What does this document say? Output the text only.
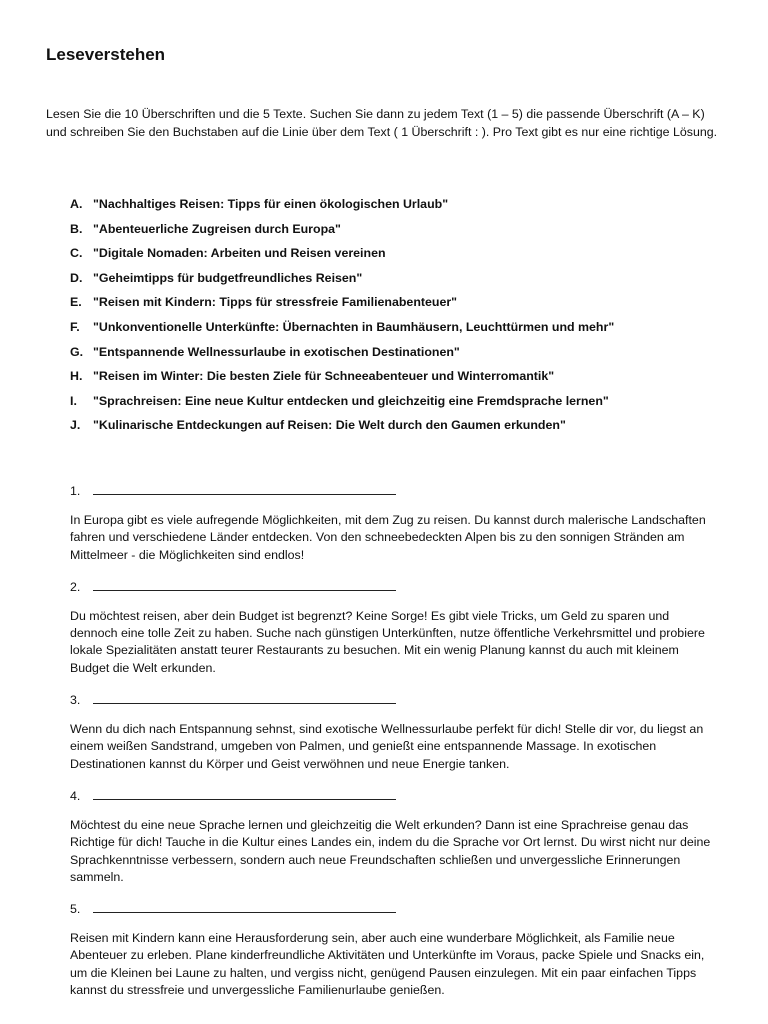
Leseverstehen

Lesen Sie die 10 Überschriften und die 5 Texte. Suchen Sie dann zu jedem Text (1 – 5) die passende Überschrift (A – K) und schreiben Sie den Buchstaben auf die Linie über dem Text ( 1 Überschrift : ). Pro Text gibt es nur eine richtige Lösung.

A. "Nachhaltiges Reisen: Tipps für einen ökologischen Urlaub"
B. "Abenteuerliche Zugreisen durch Europa"
C. "Digitale Nomaden: Arbeiten und Reisen vereinen
D. "Geheimtipps für budgetfreundliches Reisen"
E. "Reisen mit Kindern: Tipps für stressfreie Familienabenteuer"
F. "Unkonventionelle Unterkünfte: Übernachten in Baumhäusern, Leuchttürmen und mehr"
G. "Entspannende Wellnessurlaube in exotischen Destinationen"
H. "Reisen im Winter: Die besten Ziele für Schneeabenteuer und Winterromantik"
I. "Sprachreisen: Eine neue Kultur entdecken und gleichzeitig eine Fremdsprache lernen"
J. "Kulinarische Entdeckungen auf Reisen: Die Welt durch den Gaumen erkunden"
1.

In Europa gibt es viele aufregende Möglichkeiten, mit dem Zug zu reisen. Du kannst durch malerische Landschaften fahren und verschiedene Länder entdecken. Von den schneebedeckten Alpen bis zu den sonnigen Stränden am Mittelmeer - die Möglichkeiten sind endlos!

2.

Du möchtest reisen, aber dein Budget ist begrenzt? Keine Sorge! Es gibt viele Tricks, um Geld zu sparen und dennoch eine tolle Zeit zu haben. Suche nach günstigen Unterkünften, nutze öffentliche Verkehrsmittel und probiere lokale Spezialitäten anstatt teurer Restaurants zu besuchen. Mit ein wenig Planung kannst du auch mit kleinem Budget die Welt erkunden.

3.

Wenn du dich nach Entspannung sehnst, sind exotische Wellnessurlaube perfekt für dich! Stelle dir vor, du liegst an einem weißen Sandstrand, umgeben von Palmen, und genießt eine entspannende Massage. In exotischen Destinationen kannst du Körper und Geist verwöhnen und neue Energie tanken.

4.

Möchtest du eine neue Sprache lernen und gleichzeitig die Welt erkunden? Dann ist eine Sprachreise genau das Richtige für dich! Tauche in die Kultur eines Landes ein, indem du die Sprache vor Ort lernst. Du wirst nicht nur deine Sprachkenntnisse verbessern, sondern auch neue Freundschaften schließen und unvergessliche Erinnerungen sammeln.

5.

Reisen mit Kindern kann eine Herausforderung sein, aber auch eine wunderbare Möglichkeit, als Familie neue Abenteuer zu erleben. Plane kinderfreundliche Aktivitäten und Unterkünfte im Voraus, packe Spiele und Snacks ein, um die Kleinen bei Laune zu halten, und vergiss nicht, genügend Pausen einzulegen. Mit ein paar einfachen Tipps kannst du stressfreie und unvergessliche Familienurlaube genießen.
